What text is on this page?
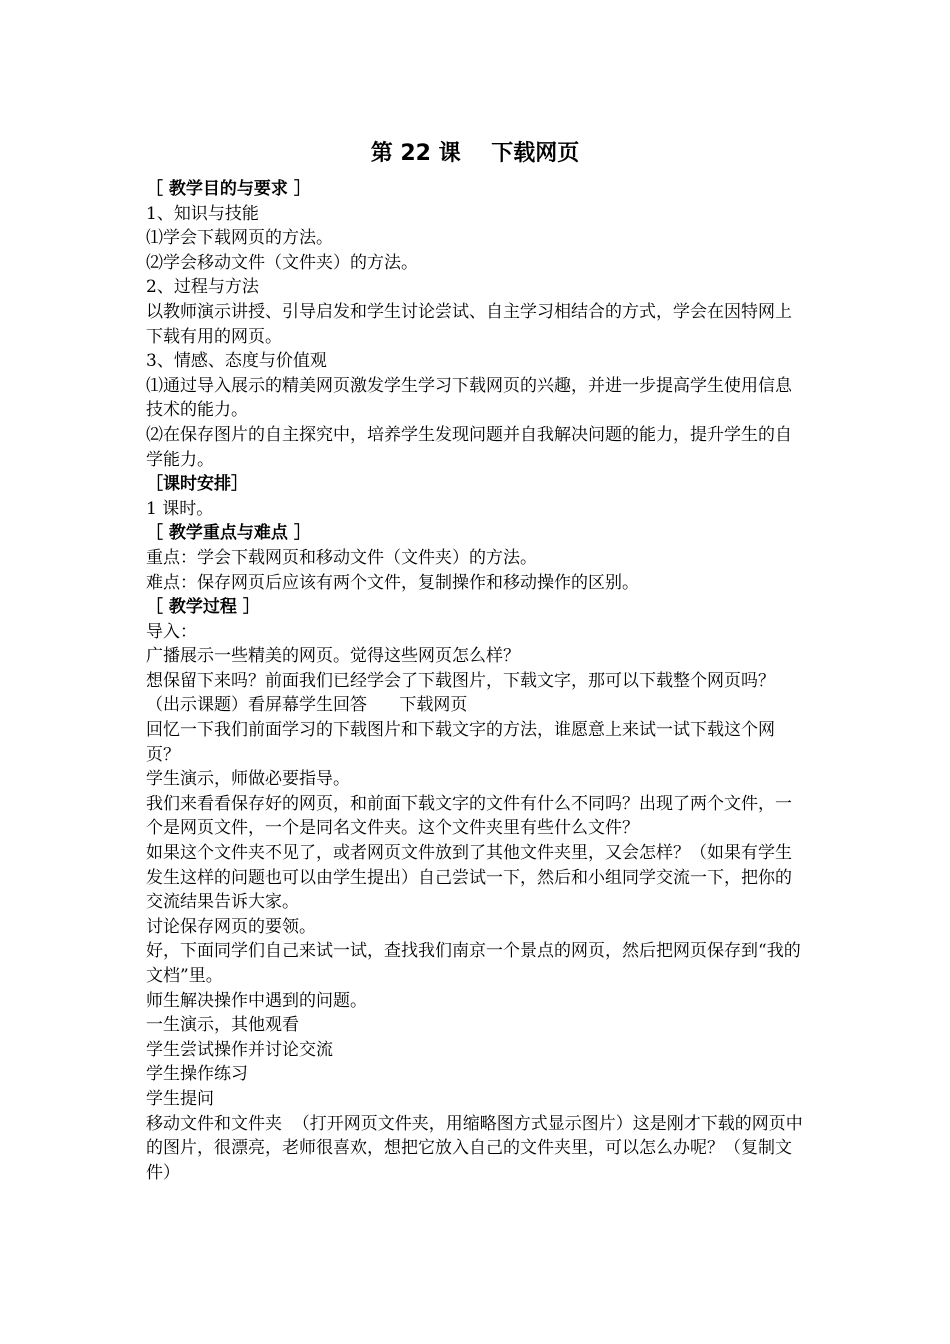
第 22 课    下载网页

［ 教学目的与要求 ］

1、知识与技能

⑴学会下载网页的方法。

⑵学会移动文件（文件夹）的方法。

2、过程与方法

以教师演示讲授、引导启发和学生讨论尝试、自主学习相结合的方式，学会在因特网上下载有用的网页。

3、情感、态度与价值观

⑴通过导入展示的精美网页激发学生学习下载网页的兴趣，并进一步提高学生使用信息技术的能力。

⑵在保存图片的自主探究中，培养学生发现问题并自我解决问题的能力，提升学生的自学能力。

［课时安排］

1 课时。

［ 教学重点与难点 ］

重点：学会下载网页和移动文件（文件夹）的方法。

难点：保存网页后应该有两个文件，复制操作和移动操作的区别。

［ 教学过程 ］

导入：

广播展示一些精美的网页。觉得这些网页怎么样？

想保留下来吗？前面我们已经学会了下载图片，下载文字，那可以下载整个网页吗？（出示课题）看屏幕学生回答      下载网页

回忆一下我们前面学习的下载图片和下载文字的方法，谁愿意上来试一试下载这个网页？

学生演示，师做必要指导。

我们来看看保存好的网页，和前面下载文字的文件有什么不同吗？出现了两个文件，一个是网页文件，一个是同名文件夹。这个文件夹里有些什么文件？

如果这个文件夹不见了，或者网页文件放到了其他文件夹里，又会怎样？（如果有学生发生这样的问题也可以由学生提出）自己尝试一下，然后和小组同学交流一下，把你的交流结果告诉大家。

讨论保存网页的要领。

好，下面同学们自己来试一试，查找我们南京一个景点的网页，然后把网页保存到“我的文档”里。

师生解决操作中遇到的问题。

一生演示，其他观看

学生尝试操作并讨论交流

学生操作练习

学生提问

移动文件和文件夹  （打开网页文件夹，用缩略图方式显示图片）这是刚才下载的网页中的图片，很漂亮，老师很喜欢，想把它放入自己的文件夹里，可以怎么办呢？（复制文件）
